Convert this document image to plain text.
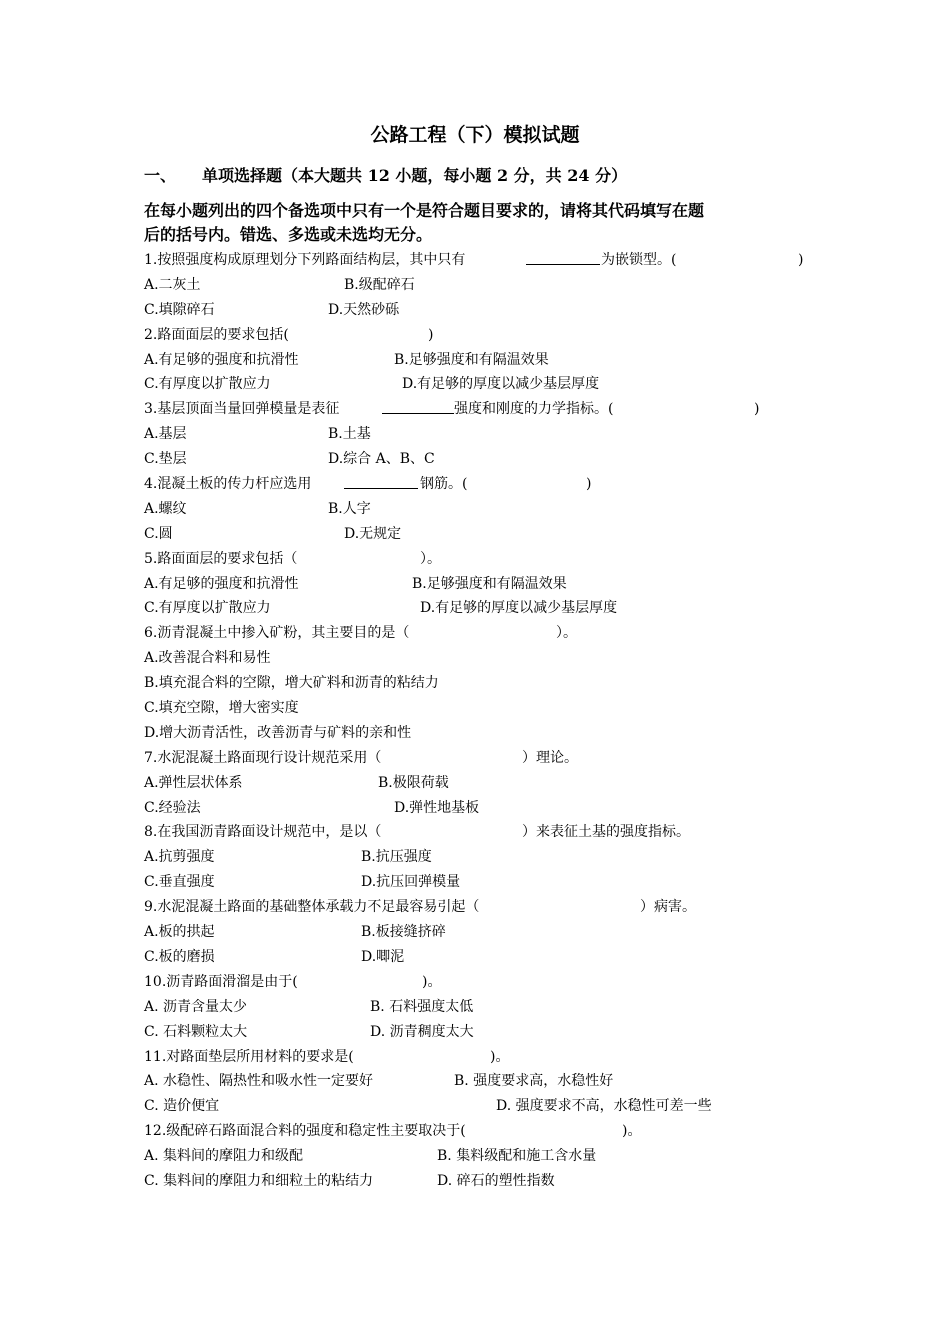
公路工程（下）模拟试题
一、 单项选择题（本大题共 12 小题，每小题 2 分，共 24 分）
在每小题列出的四个备选项中只有一个是符合题目要求的，请将其代码填写在题
后的括号内。错选、多选或未选均无分。
1.按照强度构成原理划分下列路面结构层，其中只有	为嵌锁型。(	)
A.二灰土	B.级配碎石
C.填隙碎石	D.天然砂砾
2.路面面层的要求包括(	)
A.有足够的强度和抗滑性	B.足够强度和有隔温效果
C.有厚度以扩散应力	D.有足够的厚度以减少基层厚度
3.基层顶面当量回弹模量是表征	强度和刚度的力学指标。(	)
A.基层	B.土基
C.垫层	D.综合 A、B、C
4.混凝土板的传力杆应选用	钢筋。(	)
A.螺纹	B.人字
C.圆	D.无规定
5.路面面层的要求包括（	）。
A.有足够的强度和抗滑性	B.足够强度和有隔温效果
C.有厚度以扩散应力	D.有足够的厚度以减少基层厚度
6.沥青混凝土中掺入矿粉，其主要目的是（	）。
A.改善混合料和易性
B.填充混合料的空隙，增大矿料和沥青的粘结力
C.填充空隙，增大密实度
D.增大沥青活性，改善沥青与矿料的亲和性
7.水泥混凝土路面现行设计规范采用（	）理论。
A.弹性层状体系	B.极限荷载
C.经验法	D.弹性地基板
8.在我国沥青路面设计规范中，是以（	）来表征土基的强度指标。
A.抗剪强度	B.抗压强度
C.垂直强度	D.抗压回弹模量
9.水泥混凝土路面的基础整体承载力不足最容易引起（	）病害。
A.板的拱起	B.板接缝挤碎
C.板的磨损	D.唧泥
10.沥青路面滑溜是由于(	)。
A. 沥青含量太少	B. 石料强度太低
C. 石料颗粒太大	D. 沥青稠度太大
11.对路面垫层所用材料的要求是(	)。
A. 水稳性、隔热性和吸水性一定要好	B. 强度要求高，水稳性好
C. 造价便宜	D. 强度要求不高，水稳性可差一些
12.级配碎石路面混合料的强度和稳定性主要取决于(	)。
A. 集料间的摩阻力和级配	B. 集料级配和施工含水量
C. 集料间的摩阻力和细粒土的粘结力	D. 碎石的塑性指数
